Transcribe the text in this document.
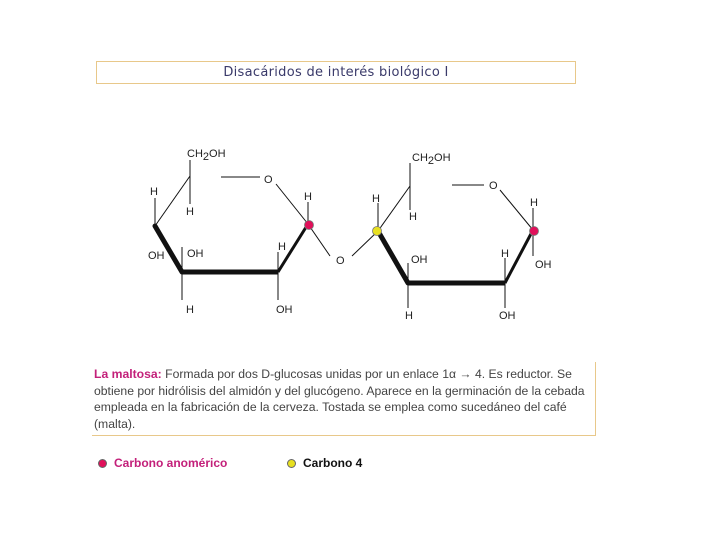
Disacáridos de interés biológico I
CH2OH
O
H
H
H
OH OH
H
H	OH
O
CH2OH
O
H
H
H
OH	H
OH
H	OH
La maltosa: Formada por dos D-glucosas unidas por un enlace 1α → 4. Es reductor. Se obtiene por hidrólisis del almidón y del glucógeno. Aparece en la germinación de la cebada empleada en la fabricación de la cerveza. Tostada se emplea como sucedáneo del café (malta).
Carbono anomérico	Carbono 4
